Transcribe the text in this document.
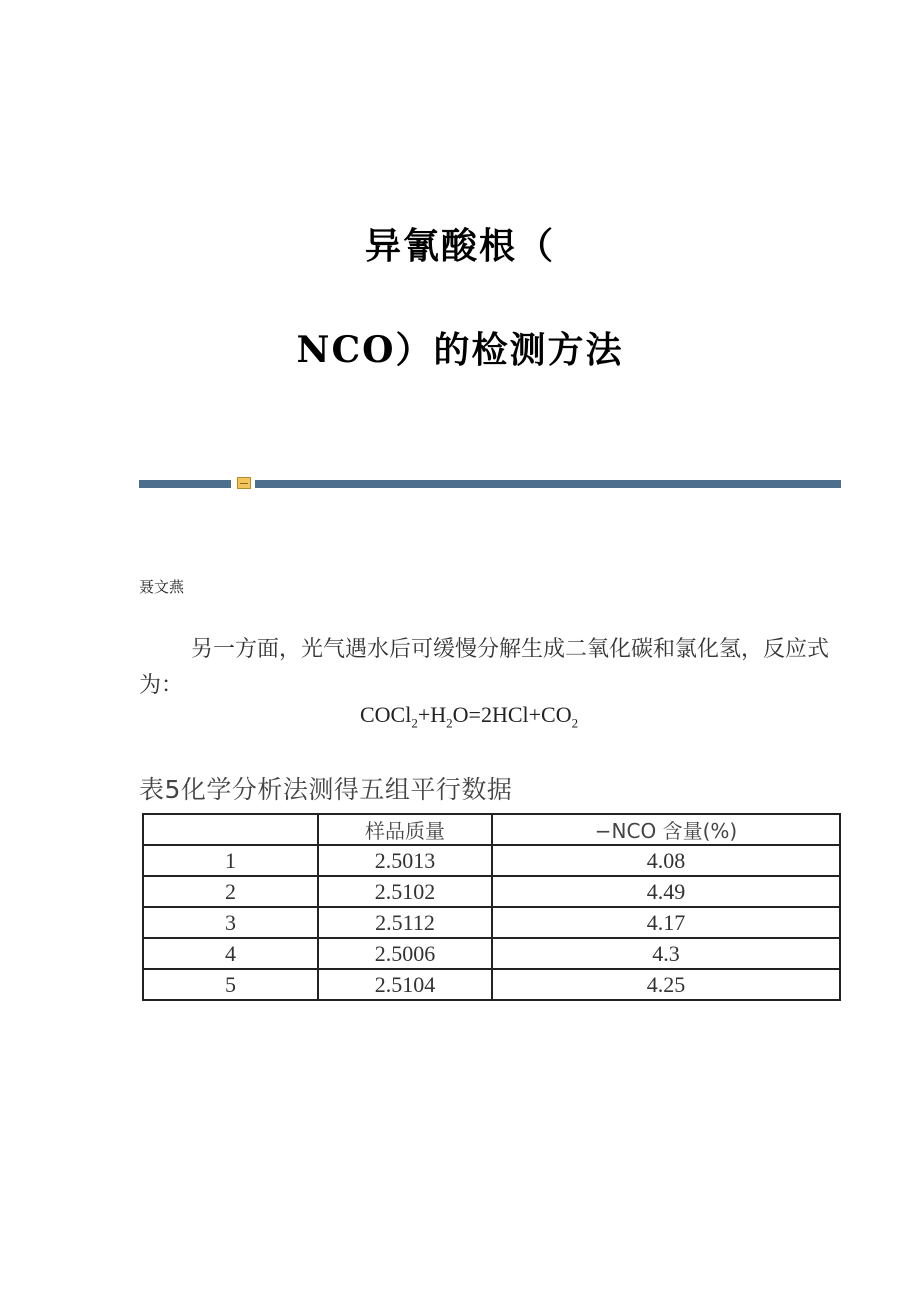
异氰酸根（
NCO）的检测方法
聂文燕
另一方面，光气遇水后可缓慢分解生成二氧化碳和氯化氢，反应式为：
$COCl_2+H_2O=2HCl+CO_2$
表5化学分析法测得五组平行数据
	样品质量	−NCO 含量(%)
1	2.5013	4.08
2	2.5102	4.49
3	2.5112	4.17
4	2.5006	4.3
5	2.5104	4.25
